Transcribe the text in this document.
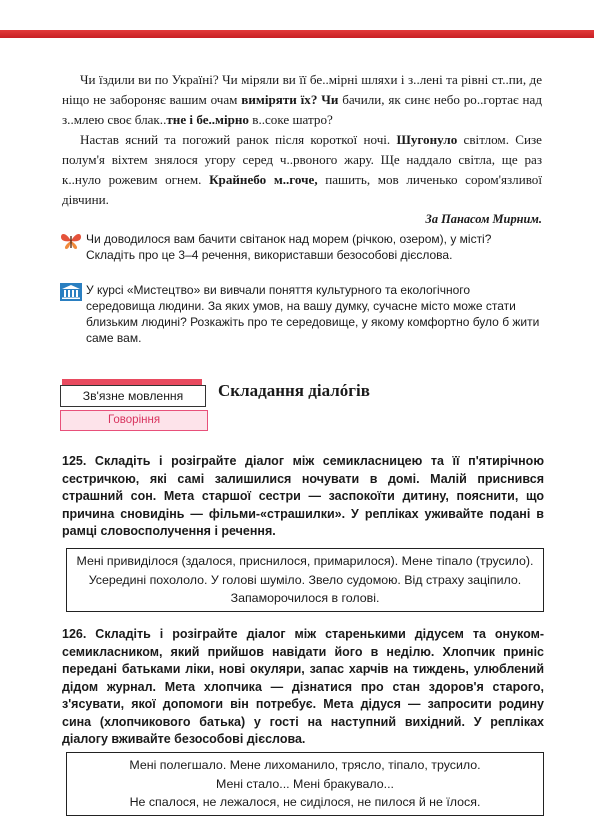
Чи їздили ви по Україні? Чи міряли ви її бе..мірні шляхи і з..лені та рівні ст..пи, де ніщо не забороняє вашим очам виміряти їх? Чи бачили, як синє небо ро..гортає над з..млею своє блак..тне і бе..мірно в..соке шатро?

Настав ясний та погожий ранок після короткої ночі. Шугонуло світлом. Сизе полум'я віхтем знялося угору серед ч..рвоного жару. Ще наддало світла, ще раз к..нуло рожевим огнем. Крайнебо м..гоче, пашить, мов личенько сором'язливої дівчини.

За Панасом Мирним.
Чи доводилося вам бачити світанок над морем (річкою, озером), у місті? Складіть про це 3–4 речення, використавши безособові дієслова.
У курсі «Мистецтво» ви вивчали поняття культурного та екологічного середовища людини. За яких умов, на вашу думку, сучасне місто може стати близьким людині? Розкажіть про те середовище, у якому комфортно було б жити саме вам.
Зв'язне мовлення
Говоріння
Складання діалóгів
125. Складіть і розіграйте діалог між семикласницею та її п'ятирічною сестричкою, які самі залишилися ночувати в домі. Малій приснився страшний сон. Мета старшої сестри — заспокоїти дитину, пояснити, що причина сновидінь — фільми-«страшилки». У репліках уживайте подані в рамці словосполучення і речення.
Мені привиділося (здалося, приснилося, примарилося). Мене тіпало (трусило). Усередині похололо. У голові шуміло. Звело судомою. Від страху заціпило. Запаморочилося в голові.
126. Складіть і розіграйте діалог між старенькими дідусем та онуком-семикласником, який прийшов навідати його в неділю. Хлопчик приніс передані батьками ліки, нові окуляри, запас харчів на тиждень, улюблений дідом журнал. Мета хлопчика — дізнатися про стан здоров'я старого, з'ясувати, якої допомоги він потребує. Мета дідуся — запросити родину сина (хлопчикового батька) у гості на наступний вихідний. У репліках діалогу вживайте безособові дієслова.
Мені полегшало. Мене лихоманило, трясло, тіпало, трусило.
Мені стало... Мені бракувало...
Не спалося, не лежалося, не сиділося, не пилося й не їлося.
